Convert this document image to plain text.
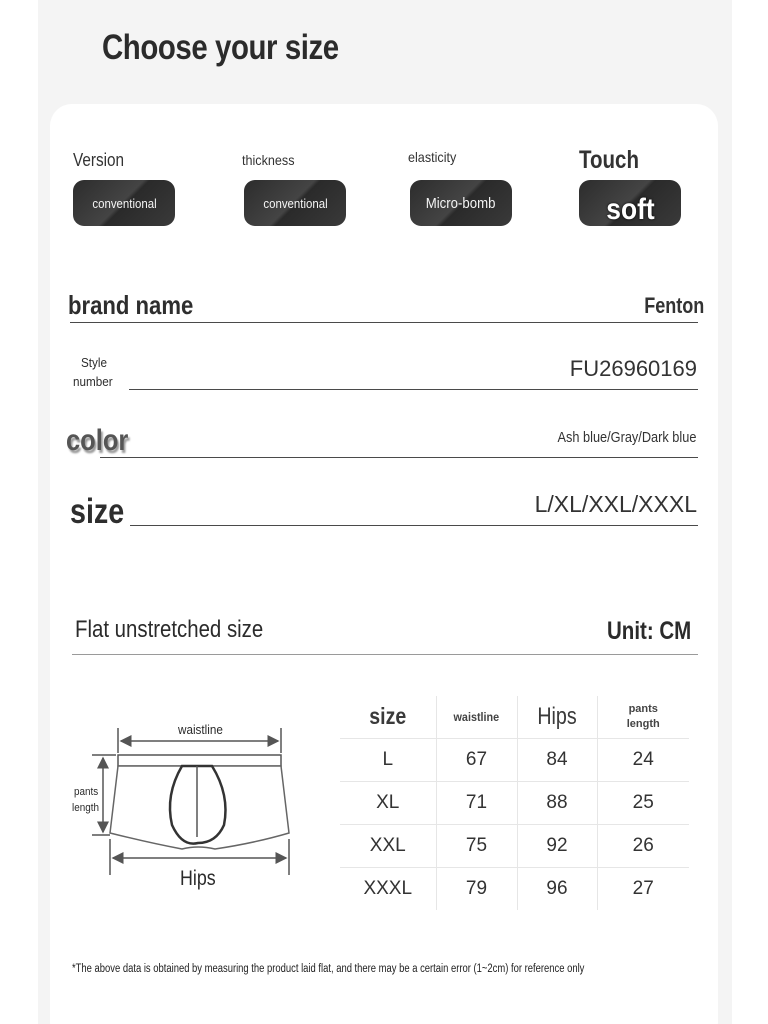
Choose your size
Version
conventional
thickness
conventional
elasticity
Micro-bomb
Touch
soft
brand name	Fenton
Style
number
FU26960169
color	Ash blue/Gray/Dark blue
size	L/XL/XXL/XXXL
Flat unstretched size	Unit: CM
waistline
pants
length
Hips
size	waistline	Hips	pants
length

L	67	84	24
XL	71	88	25
XXL	75	92	26
XXXL	79	96	27
*The above data is obtained by measuring the product laid flat, and there may be a certain error (1~2cm) for reference only
